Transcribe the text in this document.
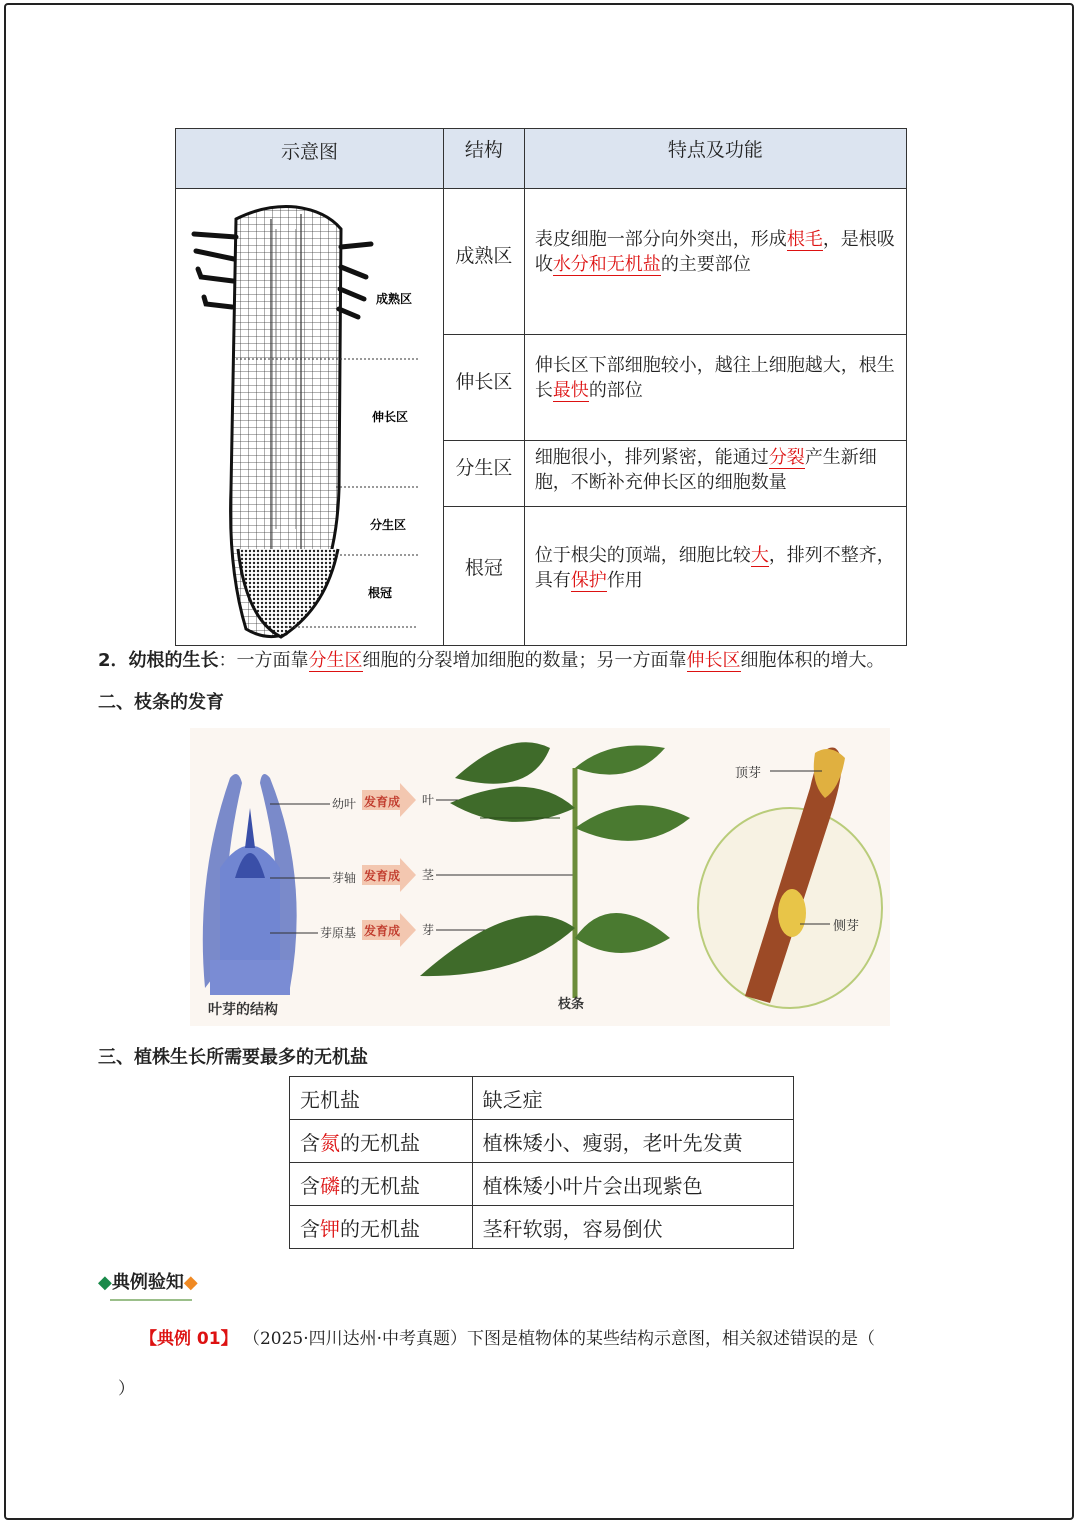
示意图	结构	特点及功能

成熟区
伸长区
分生区
根冠	成熟区	表皮细胞一部分向外突出，形成根毛，是根吸收水分和无机盐的主要部位
	伸长区	伸长区下部细胞较小，越往上细胞越大，根生长最快的部位
	分生区	细胞很小，排列紧密，能通过分裂产生新细胞，不断补充伸长区的细胞数量
	根冠	位于根尖的顶端，细胞比较大，排列不整齐，具有保护作用
2．幼根的生长：一方面靠分生区细胞的分裂增加细胞的数量；另一方面靠伸长区细胞体积的增大。
二、枝条的发育
幼叶
芽轴
芽原基
发育成
发育成
发育成
叶
茎
芽
叶芽的结构	枝条
顶芽
侧芽
三、植株生长所需要最多的无机盐
无机盐	缺乏症
含氮的无机盐	植株矮小、瘦弱，老叶先发黄
含磷的无机盐	植株矮小叶片会出现紫色
含钾的无机盐	茎秆软弱，容易倒伏
◆典例验知◆
【典例 01】 （2025·四川达州·中考真题）下图是植物体的某些结构示意图，相关叙述错误的是（
）
